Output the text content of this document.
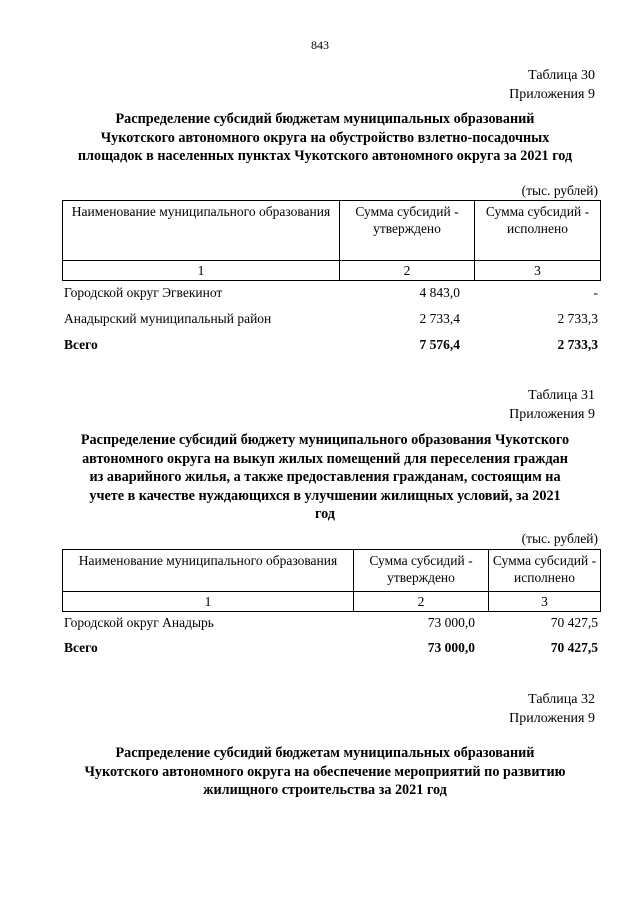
843
Таблица 30
Приложения 9
Распределение субсидий бюджетам муниципальных образований
Чукотского автономного округа на обустройство взлетно-посадочных
площадок в населенных пунктах Чукотского автономного округа за 2021 год
(тыс. рублей)
Наименование муниципального образования	Сумма субсидий - утверждено	Сумма субсидий - исполнено
1	2	3
Городской округ Эгвекинот	4 843,0	-
Анадырский муниципальный район	2 733,4	2 733,3
Всего	7 576,4	2 733,3
Таблица 31
Приложения 9
Распределение субсидий бюджету муниципального образования Чукотского
автономного округа на выкуп жилых помещений для переселения граждан
из аварийного жилья, а также предоставления гражданам, состоящим на
учете в качестве нуждающихся в улучшении жилищных условий, за 2021
год
(тыс. рублей)
Наименование муниципального образования	Сумма субсидий - утверждено	Сумма субсидий - исполнено
1	2	3
Городской округ Анадырь	73 000,0	70 427,5
Всего	73 000,0	70 427,5
Таблица 32
Приложения 9
Распределение субсидий бюджетам муниципальных образований
Чукотского автономного округа на обеспечение мероприятий по развитию
жилищного строительства за 2021 год
